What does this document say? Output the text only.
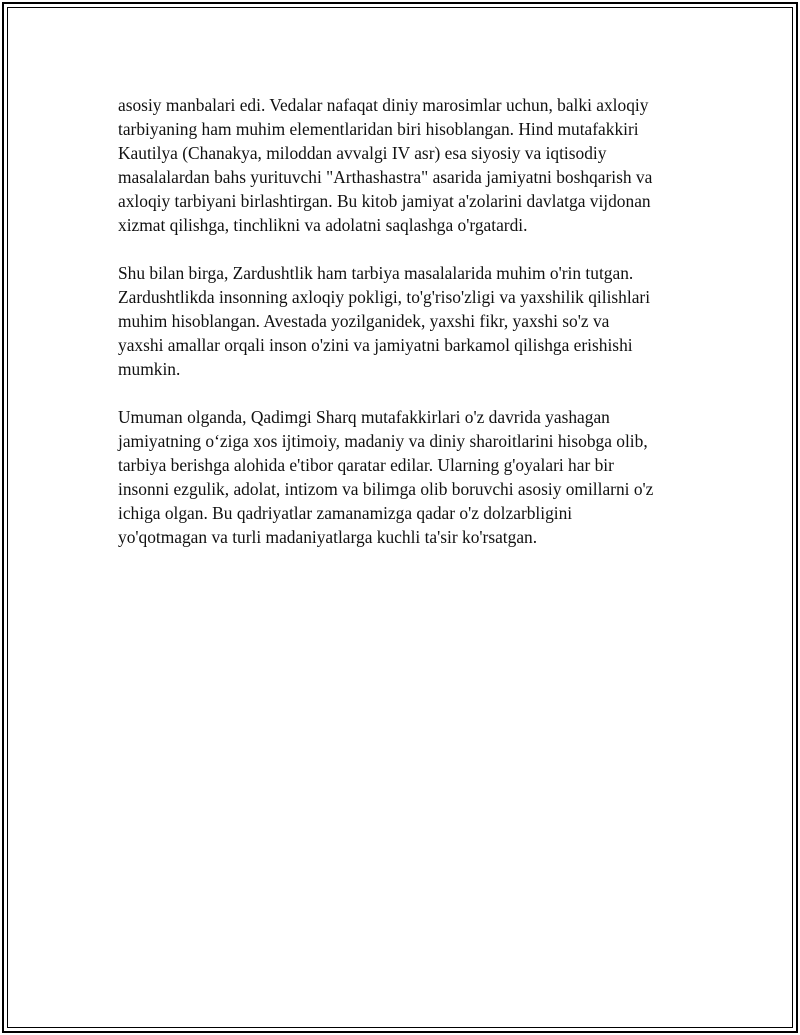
asosiy manbalari edi. Vedalar nafaqat diniy marosimlar uchun, balki axloqiy
tarbiyaning ham muhim elementlaridan biri hisoblangan. Hind mutafakkiri
Kautilya (Chanakya, miloddan avvalgi IV asr) esa siyosiy va iqtisodiy
masalalardan bahs yurituvchi "Arthashastra" asarida jamiyatni boshqarish va
axloqiy tarbiyani birlashtirgan. Bu kitob jamiyat a'zolarini davlatga vijdonan
xizmat qilishga, tinchlikni va adolatni saqlashga o'rgatardi.

Shu bilan birga, Zardushtlik ham tarbiya masalalarida muhim o'rin tutgan.
Zardushtlikda insonning axloqiy pokligi, to'g'riso'zligi va yaxshilik qilishlari
muhim hisoblangan. Avestada yozilganidek, yaxshi fikr, yaxshi so'z va
yaxshi amallar orqali inson o'zini va jamiyatni barkamol qilishga erishishi
mumkin.

Umuman olganda, Qadimgi Sharq mutafakkirlari o'z davrida yashagan
jamiyatning o‘ziga xos ijtimoiy, madaniy va diniy sharoitlarini hisobga olib,
tarbiya berishga alohida e'tibor qaratar edilar. Ularning g'oyalari har bir
insonni ezgulik, adolat, intizom va bilimga olib boruvchi asosiy omillarni o'z
ichiga olgan. Bu qadriyatlar zamanamizga qadar o'z dolzarbligini
yo'qotmagan va turli madaniyatlarga kuchli ta'sir ko'rsatgan.
